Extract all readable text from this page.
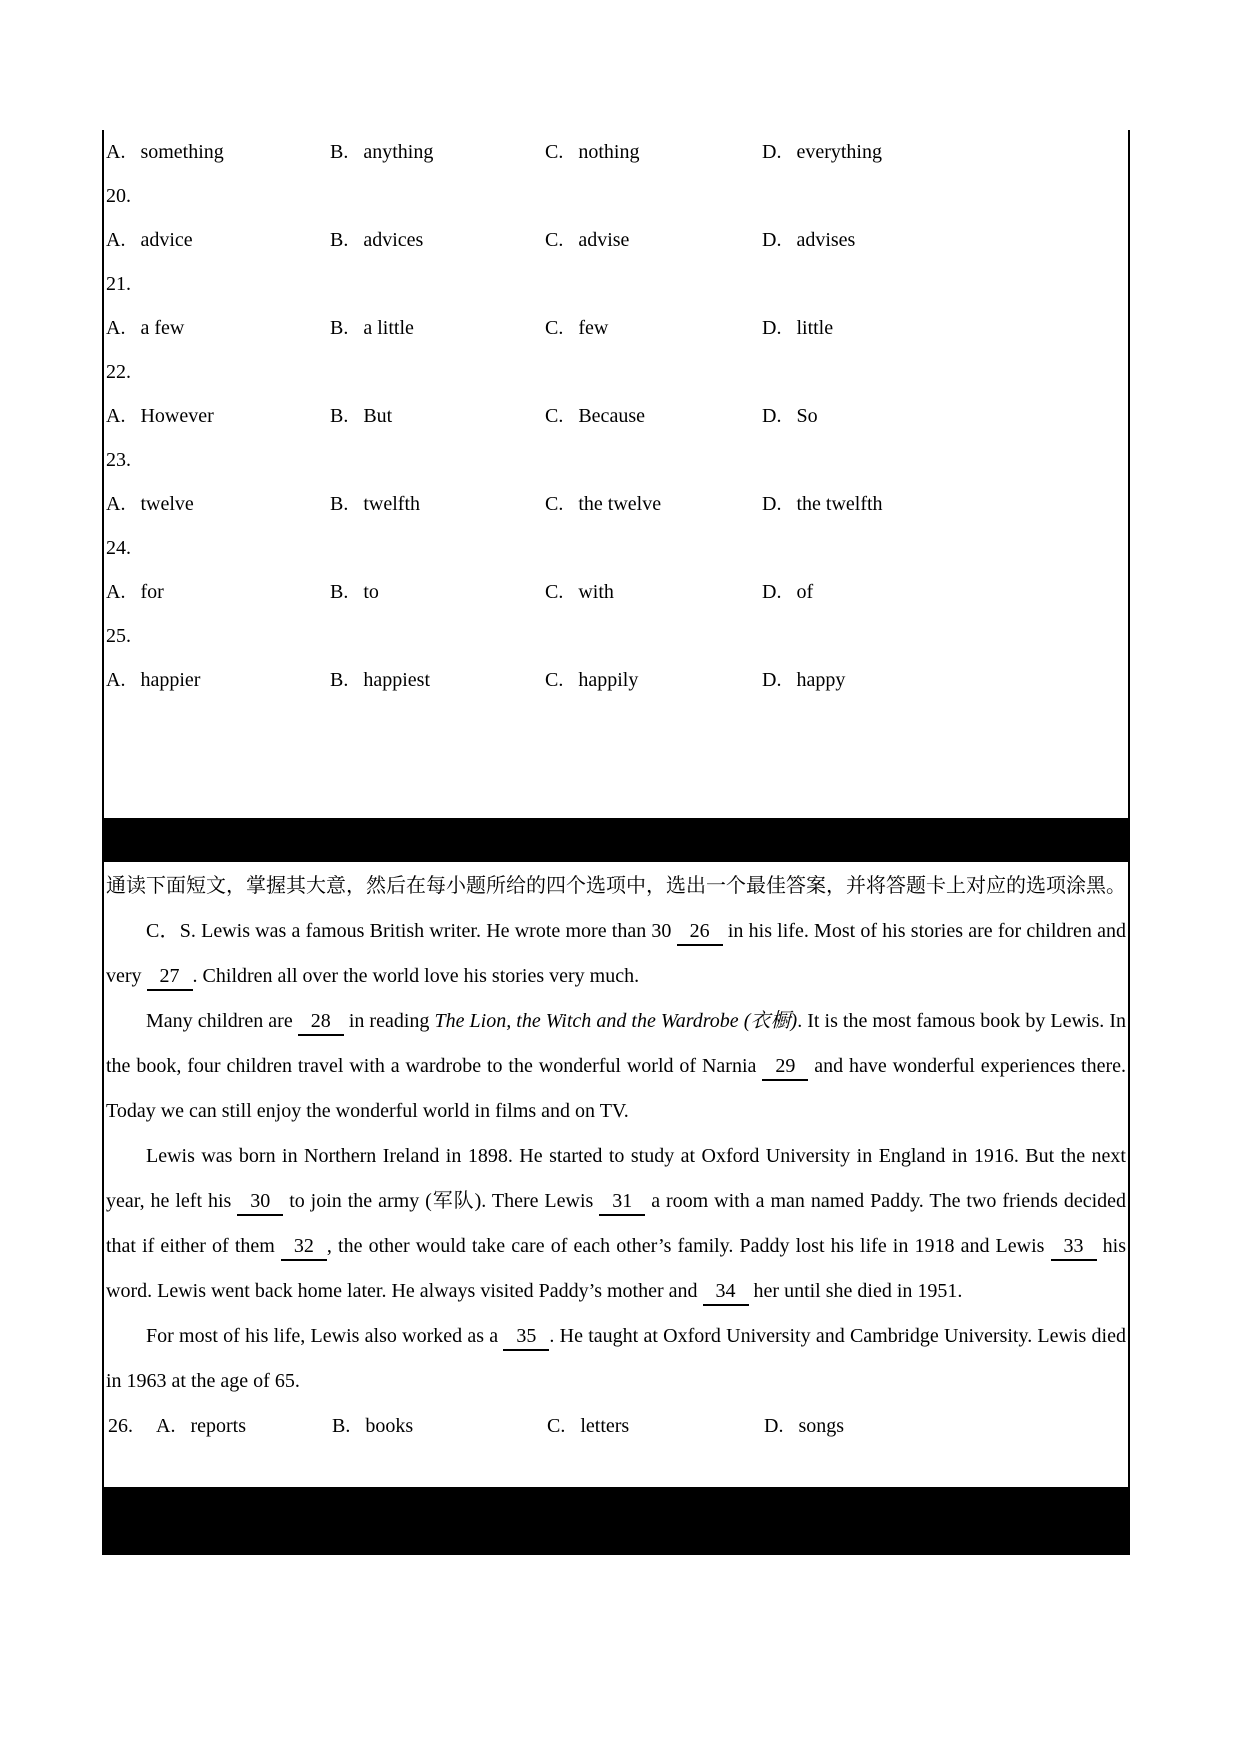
A . something	B . anything	C . nothing	D . everything
20 .
A . advice	B . advices	C . advise	D . advises
21 .
A . a few	B . a little	C . few	D . little
22 .
A . However	B . But	C . Because	D . So
23 .
A . twelve	B . twelfth	C . the twelve	D . the twelfth
24 .
A . for	B . to	C . with	D . of
25 .
A . happier	B . happiest	C . happily	D . happy

通读下面短文，掌握其大意，然后在每小题所给的四个选项中，选出一个最佳答案，并将答题卡上对应的选项涂黑。

C．S. Lewis was a famous British writer. He wrote more than 30 26 in his life. Most of his stories are for children and very 27 . Children all over the world love his stories very much.

Many children are 28 in reading The Lion, the Witch and the Wardrobe (衣橱). It is the most famous book by Lewis. In the book, four children travel with a wardrobe to the wonderful world of Narnia 29 and have wonderful experiences there. Today we can still enjoy the wonderful world in films and on TV.

Lewis was born in Northern Ireland in 1898. He started to study at Oxford University in England in 1916. But the next year, he left his 30 to join the army (军队). There Lewis 31 a room with a man named Paddy. The two friends decided that if either of them 32 , the other would take care of each other’s family. Paddy lost his life in 1918 and Lewis 33 his word. Lewis went back home later. He always visited Paddy’s mother and 34 her until she died in 1951.

For most of his life, Lewis also worked as a 35 . He taught at Oxford University and Cambridge University. Lewis died in 1963 at the age of 65.

26 . A . reports	B . books	C . letters	D . songs
